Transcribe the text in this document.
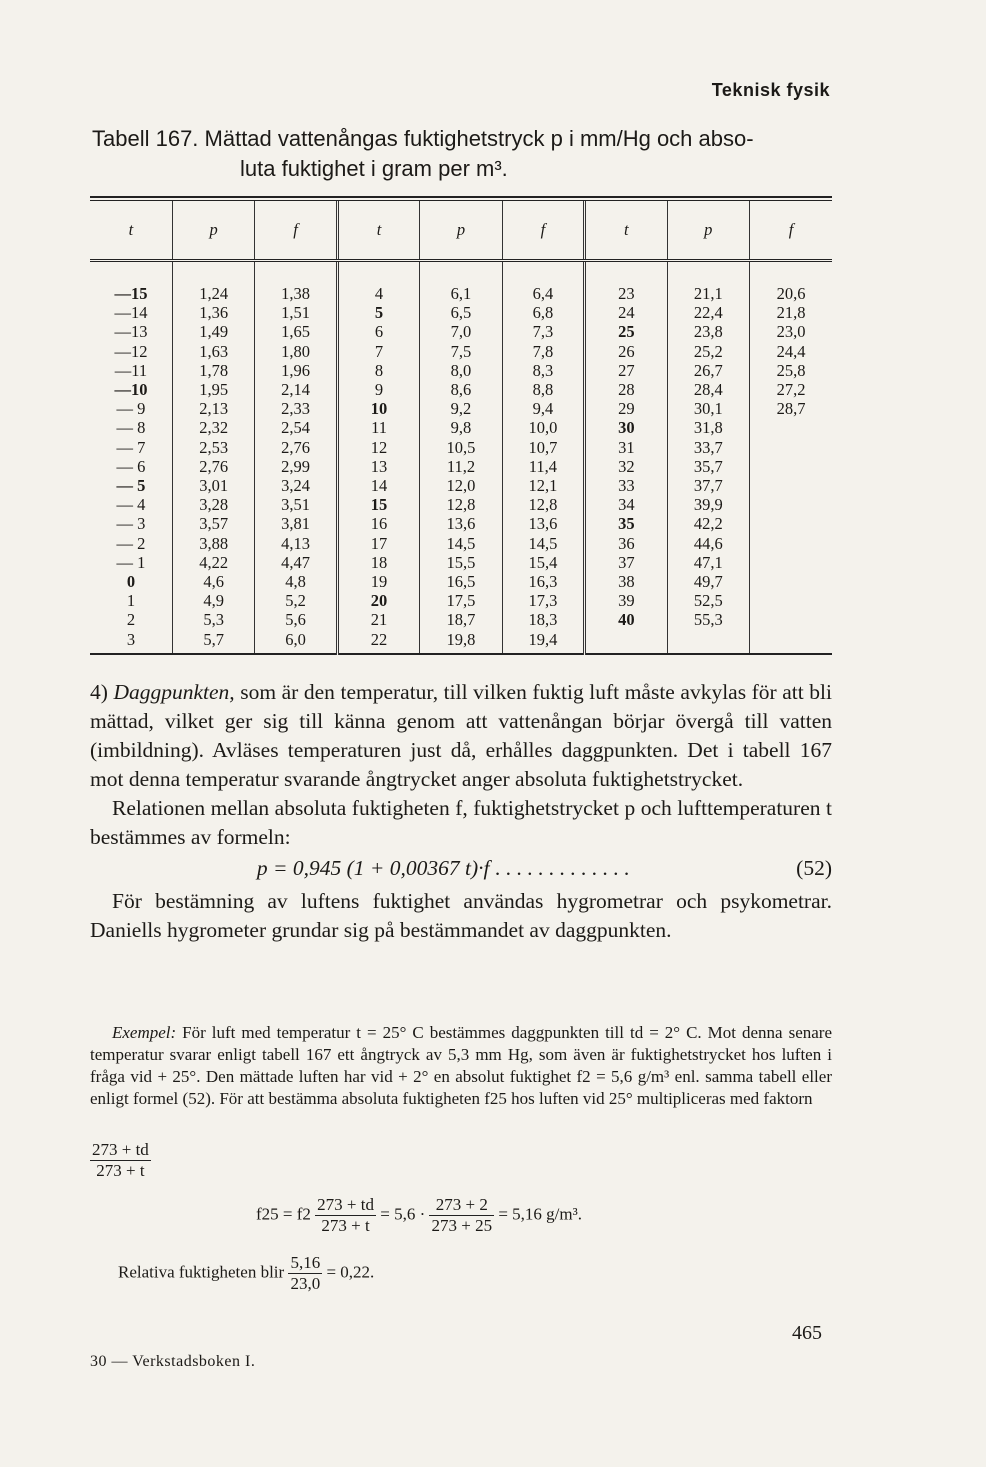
Teknisk fysik
Tabell 167. Mättad vattenångas fuktighetstryck p i mm/Hg och abso-
luta fuktighet i gram per m³.
t	p	f	t	p	f	t	p	f
—15	1,24	1,38	4	6,1	6,4	23	21,1	20,6
—14	1,36	1,51	5	6,5	6,8	24	22,4	21,8
—13	1,49	1,65	6	7,0	7,3	25	23,8	23,0
—12	1,63	1,80	7	7,5	7,8	26	25,2	24,4
—11	1,78	1,96	8	8,0	8,3	27	26,7	25,8
—10	1,95	2,14	9	8,6	8,8	28	28,4	27,2
— 9	2,13	2,33	10	9,2	9,4	29	30,1	28,7
— 8	2,32	2,54	11	9,8	10,0	30	31,8	
— 7	2,53	2,76	12	10,5	10,7	31	33,7	
— 6	2,76	2,99	13	11,2	11,4	32	35,7	
— 5	3,01	3,24	14	12,0	12,1	33	37,7	
— 4	3,28	3,51	15	12,8	12,8	34	39,9	
— 3	3,57	3,81	16	13,6	13,6	35	42,2	
— 2	3,88	4,13	17	14,5	14,5	36	44,6	
— 1	4,22	4,47	18	15,5	15,4	37	47,1	
0	4,6	4,8	19	16,5	16,3	38	49,7	
1	4,9	5,2	20	17,5	17,3	39	52,5	
2	5,3	5,6	21	18,7	18,3	40	55,3	
3	5,7	6,0	22	19,8	19,4			

4) Daggpunkten, som är den temperatur, till vilken fuktig luft måste avkylas för att bli mättad, vilket ger sig till känna genom att vattenångan börjar övergå till vatten (imbildning). Avläses temperaturen just då, erhålles daggpunkten. Det i tabell 167 mot denna temperatur svarande ångtrycket anger absoluta fuktighetstrycket.

Relationen mellan absoluta fuktigheten f, fuktighetstrycket p och lufttemperaturen t bestämmes av formeln:

p = 0,945 (1 + 0,00367 t)·f . . . . . . . . . . . . .	(52)

För bestämning av luftens fuktighet användas hygrometrar och psykometrar. Daniells hygrometer grundar sig på bestämmandet av daggpunkten.

Exempel: För luft med temperatur t = 25° C bestämmes daggpunkten till td = 2° C. Mot denna senare temperatur svarar enligt tabell 167 ett ångtryck av 5,3 mm Hg, som även är fuktighetstrycket hos luften i fråga vid + 25°. Den mättade luften har vid + 2° en absolut fuktighet f2 = 5,6 g/m³ enl. samma tabell eller enligt formel (52). För att bestämma absoluta fuktigheten f25 hos luften vid 25° multipliceras med faktorn

$\frac{273 + td}{273 + t}$
$f25 = f2 \frac{273 + td}{273 + t} = 5,6 \cdot \frac{273 + 2}{273 + 25} = 5,16$ g/m³.
Relativa fuktigheten blir $\frac{5,16}{23,0} = 0,22$.
465
30 — Verkstadsboken I.
